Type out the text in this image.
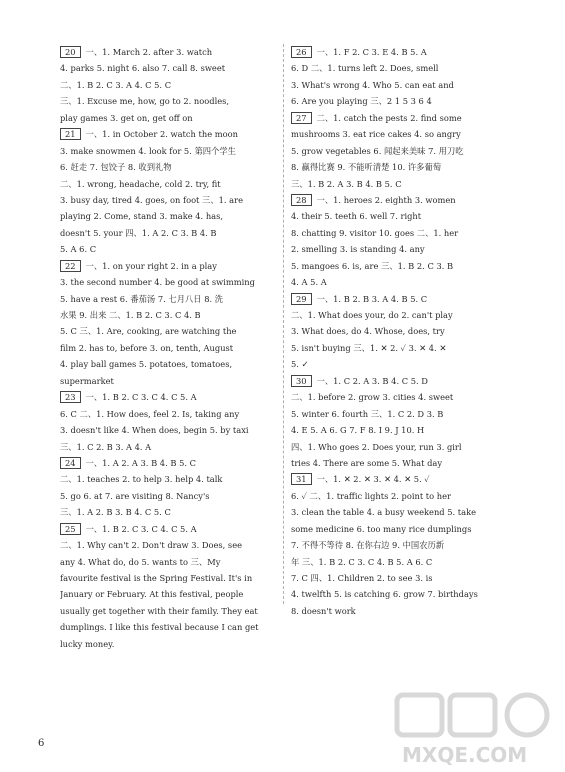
20 一、1. March 2. after 3. watch
4. parks 5. night 6. also 7. call 8. sweet
二、1. B 2. C 3. A 4. C 5. C
三、1. Excuse me, how, go to 2. noodles,
play games 3. get on, get off on
21 一、1. in October 2. watch the moon
3. make snowmen 4. look for 5. 第四个学生
6. 赶走 7. 包饺子 8. 收到礼物
二、1. wrong, headache, cold 2. try, fit
3. busy day, tired 4. goes, on foot 三、1. are
playing 2. Come, stand 3. make 4. has,
doesn't 5. your 四、1. A 2. C 3. B 4. B
5. A 6. C
22 一、1. on your right 2. in a play
3. the second number 4. be good at swimming
5. have a rest 6. 番茄汤 7. 七月八日 8. 洗
水果 9. 出来 二、1. B 2. C 3. C 4. B
5. C 三、1. Are, cooking, are watching the
film 2. has to, before 3. on, tenth, August
4. play ball games 5. potatoes, tomatoes,
supermarket
23 一、1. B 2. C 3. C 4. C 5. A
6. C 二、1. How does, feel 2. Is, taking any
3. doesn't like 4. When does, begin 5. by taxi
三、1. C 2. B 3. A 4. A
24 一、1. A 2. A 3. B 4. B 5. C
二、1. teaches 2. to help 3. help 4. talk
5. go 6. at 7. are visiting 8. Nancy's
三、1. A 2. B 3. B 4. C 5. C
25 一、1. B 2. C 3. C 4. C 5. A
二、1. Why can't 2. Don't draw 3. Does, see
any 4. What do, do 5. wants to 三、My
favourite festival is the Spring Festival. It's in
January or February. At this festival, people
usually get together with their family. They eat
dumplings. I like this festival because I can get
lucky money.
26 一、1. F 2. C 3. E 4. B 5. A
6. D 二、1. turns left 2. Does, smell
3. What's wrong 4. Who 5. can eat and
6. Are you playing 三、2 1 5 3 6 4
27 二、1. catch the pests 2. find some
mushrooms 3. eat rice cakes 4. so angry
5. grow vegetables 6. 闻起来美味 7. 用刀吃
8. 赢得比赛 9. 不能听清楚 10. 许多葡萄
三、1. B 2. A 3. B 4. B 5. C
28 一、1. heroes 2. eighth 3. women
4. their 5. teeth 6. well 7. right
8. chatting 9. visitor 10. goes 二、1. her
2. smelling 3. is standing 4. any
5. mangoes 6. is, are 三、1. B 2. C 3. B
4. A 5. A
29 一、1. B 2. B 3. A 4. B 5. C
二、1. What does your, do 2. can't play
3. What does, do 4. Whose, does, try
5. isn't buying 三、1. ✕ 2. ✓ 3. ✕ 4. ✕
5. ✓
30 一、1. C 2. A 3. B 4. C 5. D
二、1. before 2. grow 3. cities 4. sweet
5. winter 6. fourth 三、1. C 2. D 3. B
4. E 5. A 6. G 7. F 8. I 9. J 10. H
四、1. Who goes 2. Does your, run 3. girl
tries 4. There are some 5. What day
31 一、1. ✕ 2. ✕ 3. ✕ 4. ✕ 5. ✓
6. ✓ 二、1. traffic lights 2. point to her
3. clean the table 4. a busy weekend 5. take
some medicine 6. too many rice dumplings
7. 不得不等待 8. 在你右边 9. 中国农历新
年 三、1. B 2. C 3. C 4. B 5. A 6. C
7. C 四、1. Children 2. to see 3. is
4. twelfth 5. is catching 6. grow 7. birthdays
8. doesn't work
6	MXQE.COM
